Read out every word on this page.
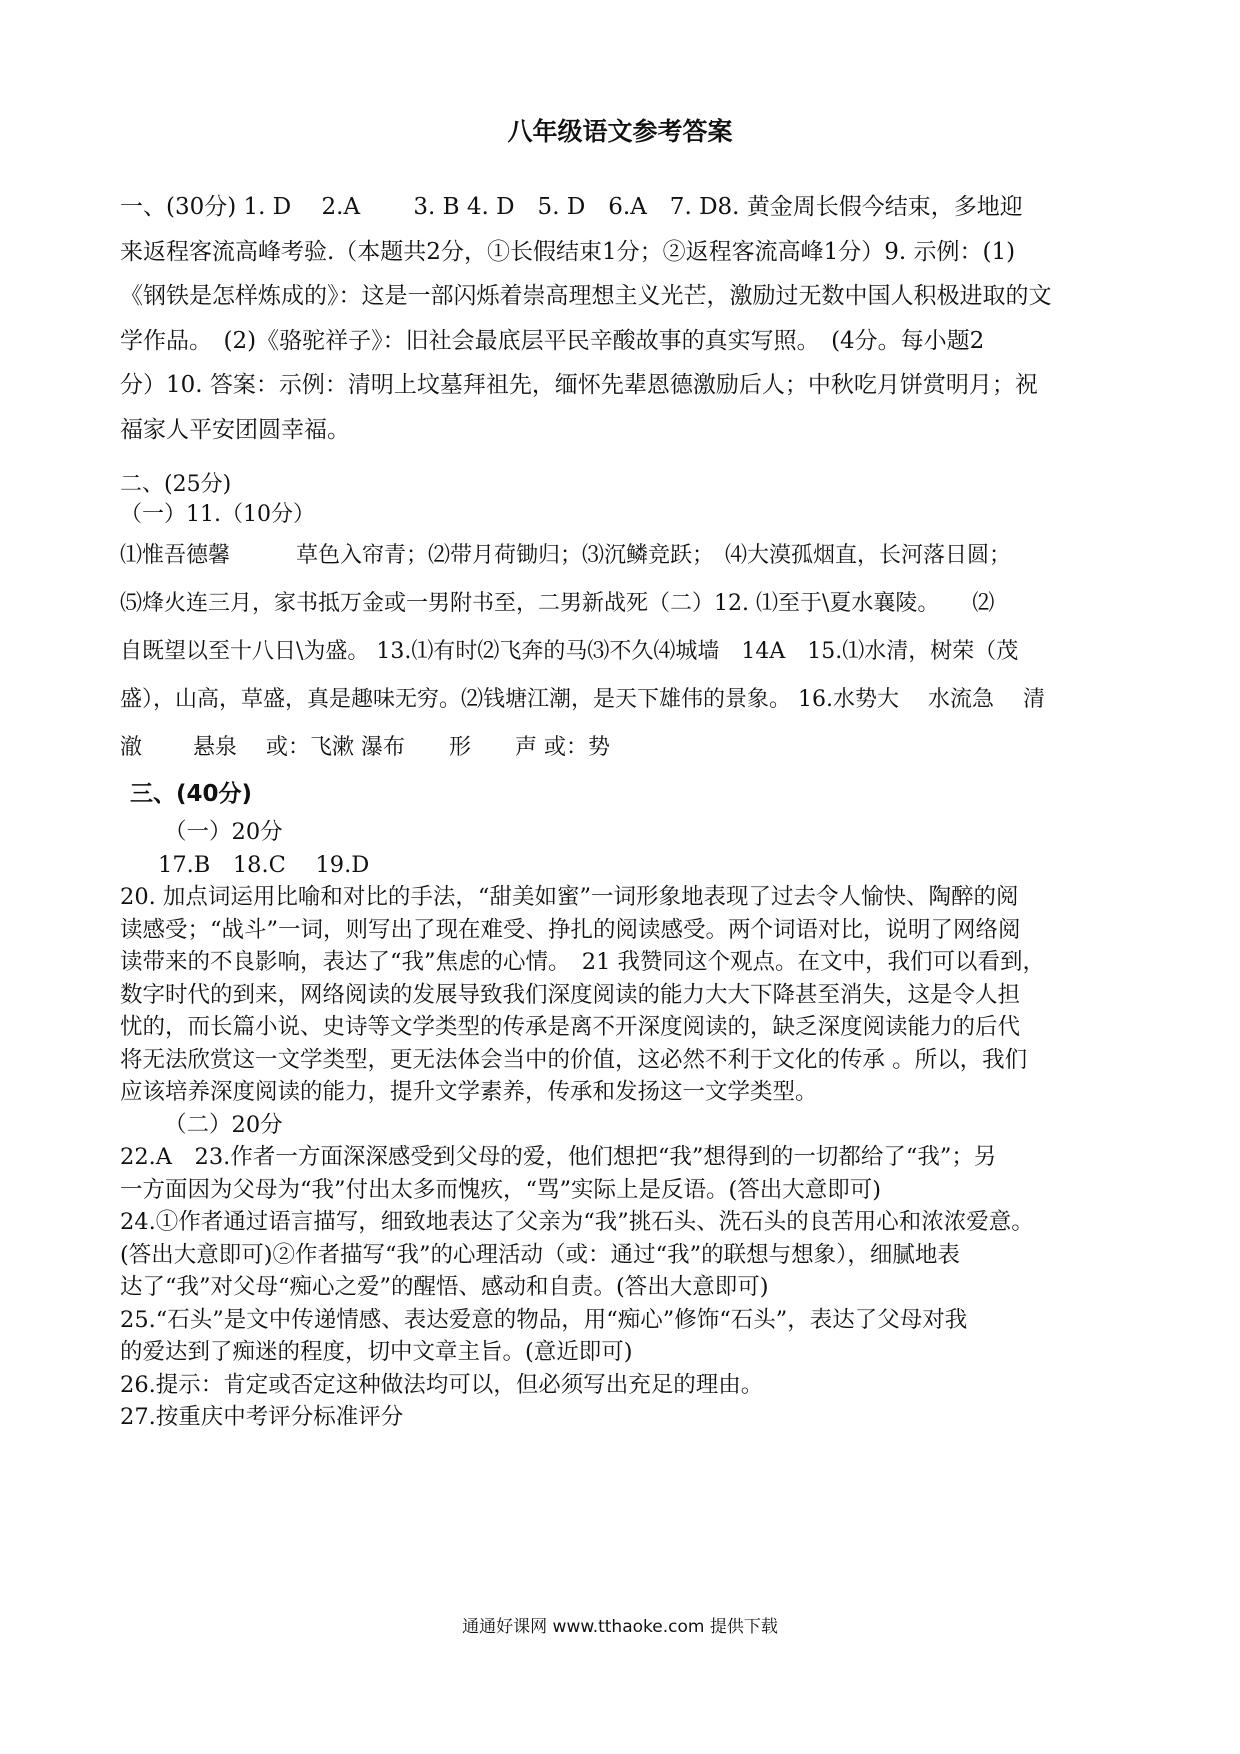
八年级语文参考答案

一、(30分) 1. D　 2.A　　 3. B 4. D　5. D　6.A　7. D8. 黄金周长假今结束，多地迎

来返程客流高峰考验.（本题共2分，①长假结束1分；②返程客流高峰1分）9. 示例：(1)

《钢铁是怎样炼成的》：这是一部闪烁着崇高理想主义光芒，激励过无数中国人积极进取的文

学作品。　(2)《骆驼祥子》：旧社会最底层平民辛酸故事的真实写照。　(4分。每小题2

分）10. 答案：示例：清明上坟墓拜祖先，缅怀先辈恩德激励后人；中秋吃月饼赏明月；祝

福家人平安团圆幸福。

二、(25分)

（一）11.（10分）

⑴惟吾德馨　　　草色入帘青；⑵带月荷锄归；⑶沉鳞竞跃；　⑷大漠孤烟直，长河落日圆；

⑸烽火连三月，家书抵万金或一男附书至，二男新战死（二）12. ⑴至于\夏水襄陵。　　⑵

自既望以至十八日\为盛。 13.⑴有时⑵飞奔的马⑶不久⑷城墙　14A　15.⑴水清，树荣（茂

盛），山高，草盛，真是趣味无穷。⑵钱塘江潮，是天下雄伟的景象。 16.水势大　 水流急　 清

澈　　 悬泉　 或：飞漱 瀑布　　形　　声 或：势

三、(40分)

（一）20分

17.B　18.C　 19.D

20. 加点词运用比喻和对比的手法，“甜美如蜜”一词形象地表现了过去令人愉快、陶醉的阅

读感受；“战斗”一词，则写出了现在难受、挣扎的阅读感受。两个词语对比，说明了网络阅

读带来的不良影响，表达了“我”焦虑的心情。　21 我赞同这个观点。在文中，我们可以看到，

数字时代的到来，网络阅读的发展导致我们深度阅读的能力大大下降甚至消失，这是令人担

忧的，而长篇小说、史诗等文学类型的传承是离不开深度阅读的，缺乏深度阅读能力的后代

将无法欣赏这一文学类型，更无法体会当中的价值，这必然不利于文化的传承 。所以，我们

应该培养深度阅读的能力，提升文学素养，传承和发扬这一文学类型。

（二）20分

22.A　23.作者一方面深深感受到父母的爱，他们想把“我”想得到的一切都给了“我”；另

一方面因为父母为“我”付出太多而愧疚，“骂”实际上是反语。(答出大意即可)

24.①作者通过语言描写，细致地表达了父亲为“我”挑石头、洗石头的良苦用心和浓浓爱意。

(答出大意即可)②作者描写“我”的心理活动（或：通过“我”的联想与想象），细腻地表

达了“我”对父母“痴心之爱”的醒悟、感动和自责。(答出大意即可)

25.“石头”是文中传递情感、表达爱意的物品，用“痴心”修饰“石头”，表达了父母对我

的爱达到了痴迷的程度，切中文章主旨。(意近即可)

26.提示：肯定或否定这种做法均可以，但必须写出充足的理由。

27.按重庆中考评分标准评分

通通好课网 www.tthaoke.com 提供下载
